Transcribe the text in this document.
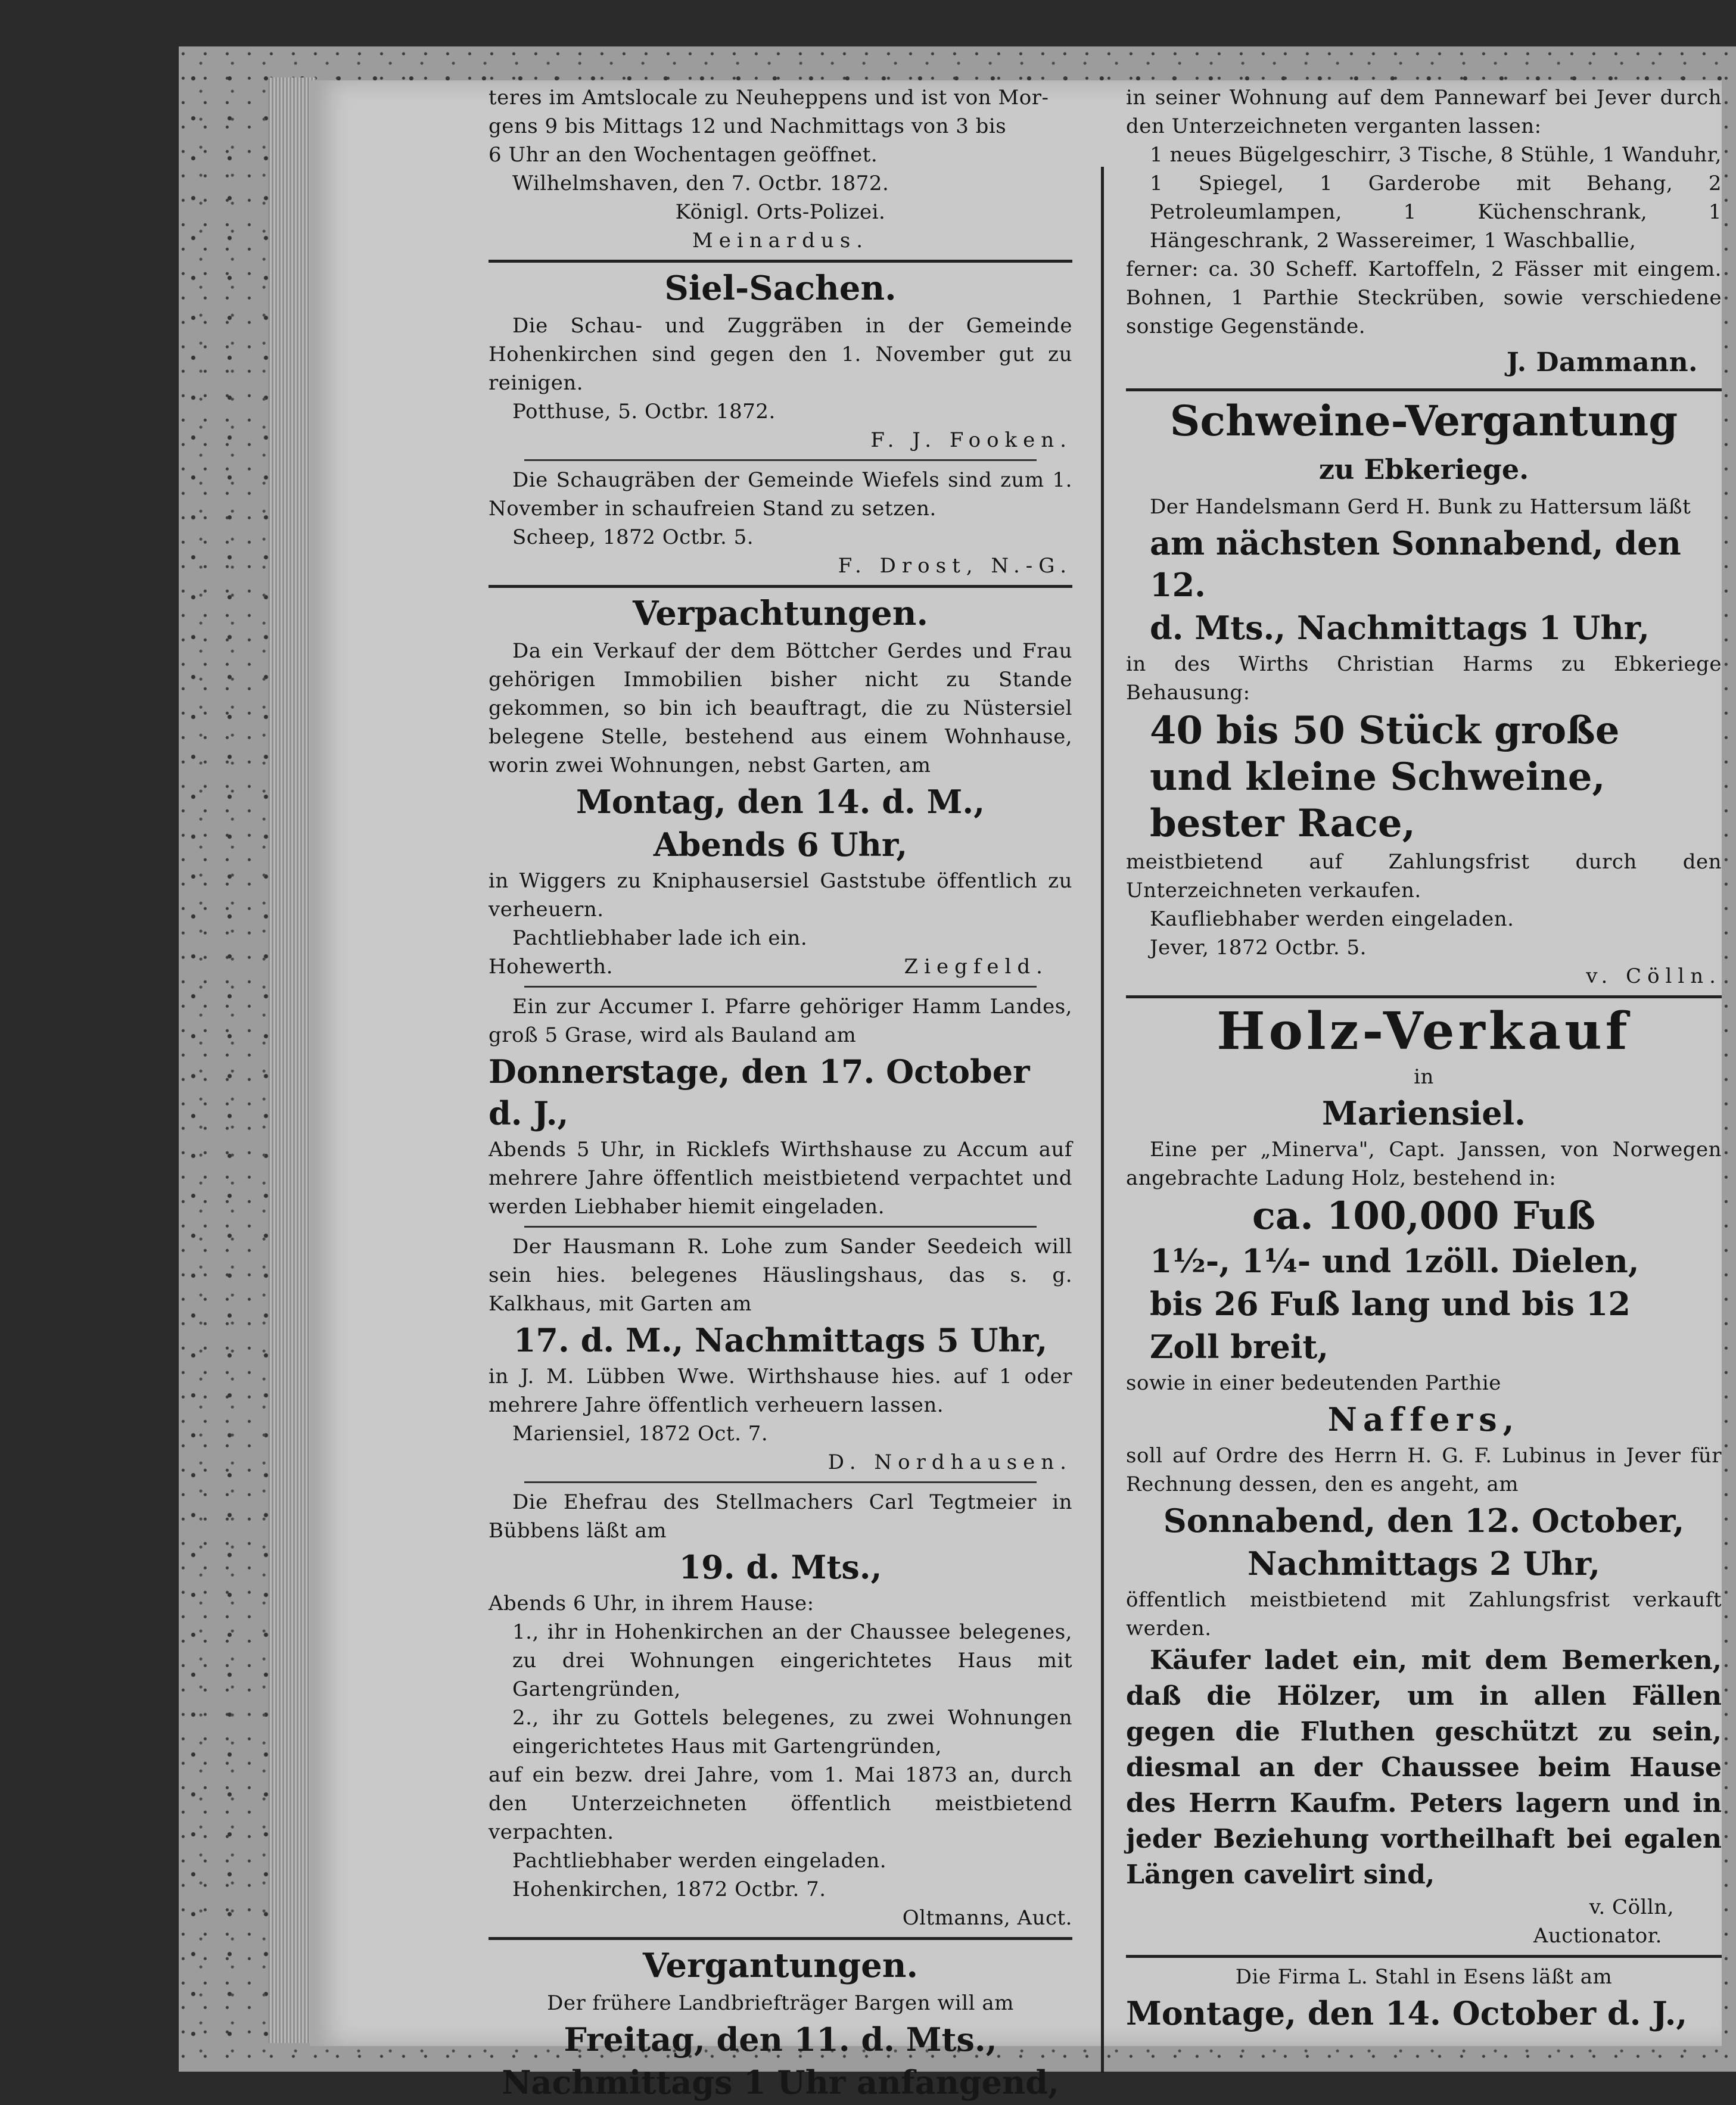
teres im Amtslocale zu Neuheppens und ist von Mor-

gens 9 bis Mittags 12 und Nachmittags von 3 bis

6 Uhr an den Wochentagen geöffnet.

Wilhelmshaven, den 7. Octbr. 1872.

Königl. Orts-Polizei.

Meinardus.

Siel-Sachen.

Die Schau- und Zuggräben in der Gemeinde Hohenkirchen sind gegen den 1. November gut zu reinigen.

Potthuse, 5. Octbr. 1872.

F. J. Fooken.

Die Schaugräben der Gemeinde Wiefels sind zum 1. November in schaufreien Stand zu setzen.

Scheep, 1872 Octbr. 5.

F. Drost, N.-G.

Verpachtungen.

Da ein Verkauf der dem Böttcher Gerdes und Frau gehörigen Immobilien bisher nicht zu Stande gekommen, so bin ich beauftragt, die zu Nüstersiel belegene Stelle, bestehend aus einem Wohnhause, worin zwei Wohnungen, nebst Garten, am

Montag, den 14. d. M.,
Abends 6 Uhr,

in Wiggers zu Kniphausersiel Gaststube öffentlich zu verheuern.

Pachtliebhaber lade ich ein.

Hohewerth.	Ziegfeld.

Ein zur Accumer I. Pfarre gehöriger Hamm Landes, groß 5 Grase, wird als Bauland am

Donnerstage, den 17. October d. J.,

Abends 5 Uhr, in Ricklefs Wirthshause zu Accum auf mehrere Jahre öffentlich meistbietend verpachtet und werden Liebhaber hiemit eingeladen.

Der Hausmann R. Lohe zum Sander Seedeich will sein hies. belegenes Häuslingshaus, das s. g. Kalkhaus, mit Garten am

17. d. M., Nachmittags 5 Uhr,

in J. M. Lübben Wwe. Wirthshause hies. auf 1 oder mehrere Jahre öffentlich verheuern lassen.

Mariensiel, 1872 Oct. 7.

D. Nordhausen.

Die Ehefrau des Stellmachers Carl Tegtmeier in Bübbens läßt am

19. d. Mts.,

Abends 6 Uhr, in ihrem Hause:

1., ihr in Hohenkirchen an der Chaussee belegenes, zu drei Wohnungen eingerichtetes Haus mit Gartengründen,

2., ihr zu Gottels belegenes, zu zwei Wohnungen eingerichtetes Haus mit Gartengründen,

auf ein bezw. drei Jahre, vom 1. Mai 1873 an, durch den Unterzeichneten öffentlich meistbietend verpachten.

Pachtliebhaber werden eingeladen.

Hohenkirchen, 1872 Octbr. 7.

Oltmanns, Auct.

Vergantungen.

Der frühere Landbriefträger Bargen will am

Freitag, den 11. d. Mts.,
Nachmittags 1 Uhr anfangend,

in seiner Wohnung auf dem Pannewarf bei Jever durch den Unterzeichneten verganten lassen:

1 neues Bügelgeschirr, 3 Tische, 8 Stühle, 1 Wanduhr, 1 Spiegel, 1 Garderobe mit Behang, 2 Petroleumlampen, 1 Küchenschrank, 1 Hängeschrank, 2 Wassereimer, 1 Waschballie,

ferner: ca. 30 Scheff. Kartoffeln, 2 Fässer mit eingem. Bohnen, 1 Parthie Steckrüben, sowie verschiedene sonstige Gegenstände.

J. Dammann.

Schweine-Vergantung
zu Ebkeriege.

Der Handelsmann Gerd H. Bunk zu Hattersum läßt

am nächsten Sonnabend, den 12.
d. Mts., Nachmittags 1 Uhr,

in des Wirths Christian Harms zu Ebkeriege Behausung:

40 bis 50 Stück große
und kleine Schweine,
bester Race,

meistbietend auf Zahlungsfrist durch den Unterzeichneten verkaufen.

Kaufliebhaber werden eingeladen.

Jever, 1872 Octbr. 5.

v. Cölln.

Holz-Verkauf

in

Mariensiel.

Eine per „Minerva", Capt. Janssen, von Norwegen angebrachte Ladung Holz, bestehend in:

ca. 100,000 Fuß
1½-, 1¼- und 1zöll. Dielen,
bis 26 Fuß lang und bis 12
Zoll breit,

sowie in einer bedeutenden Parthie

Naffers,

soll auf Ordre des Herrn H. G. F. Lubinus in Jever für Rechnung dessen, den es angeht, am

Sonnabend, den 12. October,
Nachmittags 2 Uhr,

öffentlich meistbietend mit Zahlungsfrist verkauft werden.

Käufer ladet ein, mit dem Bemerken, daß die Hölzer, um in allen Fällen gegen die Fluthen geschützt zu sein, diesmal an der Chaussee beim Hause des Herrn Kaufm. Peters lagern und in jeder Beziehung vortheilhaft bei egalen Längen cavelirt sind,

v. Cölln,

Auctionator.

Die Firma L. Stahl in Esens läßt am

Montage, den 14. October d. J.,
